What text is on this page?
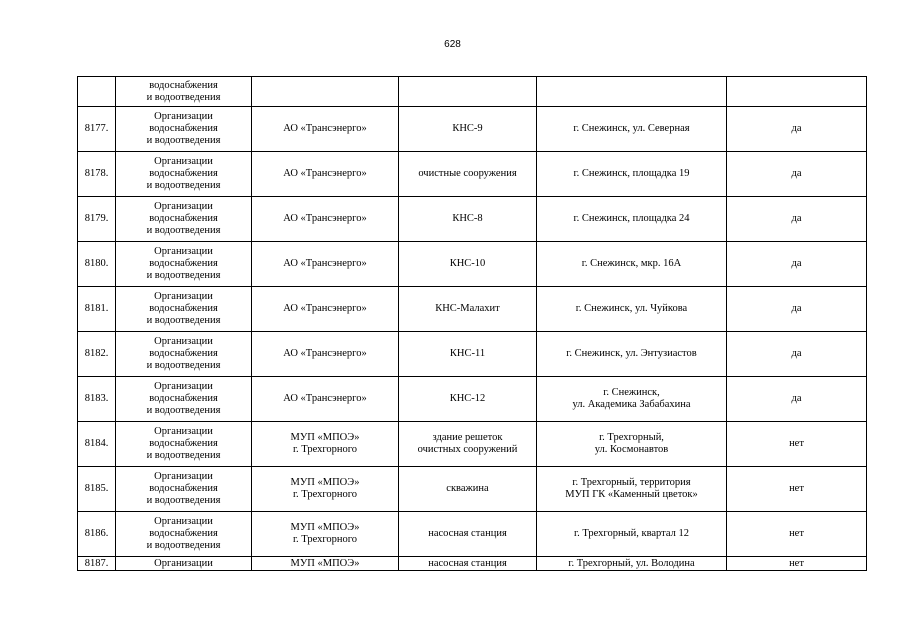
628

	водоснабжения
и водоотведения				

8177.	Организации
водоснабжения
и водоотведения	АО «Трансэнерго»	КНС-9	г. Снежинск, ул. Северная	да
8178.	Организации
водоснабжения
и водоотведения	АО «Трансэнерго»	очистные сооружения	г. Снежинск, площадка 19	да
8179.	Организации
водоснабжения
и водоотведения	АО «Трансэнерго»	КНС-8	г. Снежинск, площадка 24	да
8180.	Организации
водоснабжения
и водоотведения	АО «Трансэнерго»	КНС-10	г. Снежинск, мкр. 16А	да
8181.	Организации
водоснабжения
и водоотведения	АО «Трансэнерго»	КНС-Малахит	г. Снежинск, ул. Чуйкова	да
8182.	Организации
водоснабжения
и водоотведения	АО «Трансэнерго»	КНС-11	г. Снежинск, ул. Энтузиастов	да
8183.	Организации
водоснабжения
и водоотведения	АО «Трансэнерго»	КНС-12	г. Снежинск,
ул. Академика Забабахина	да
8184.	Организации
водоснабжения
и водоотведения	МУП «МПОЭ»
г. Трехгорного	здание решеток
очистных сооружений	г. Трехгорный,
ул. Космонавтов	нет
8185.	Организации
водоснабжения
и водоотведения	МУП «МПОЭ»
г. Трехгорного	скважина	г. Трехгорный, территория
МУП ГК «Каменный цветок»	нет
8186.	Организации
водоснабжения
и водоотведения	МУП «МПОЭ»
г. Трехгорного	насосная станция	г. Трехгорный, квартал 12	нет
8187.	Организации	МУП «МПОЭ»	насосная станция	г. Трехгорный, ул. Володина	нет
